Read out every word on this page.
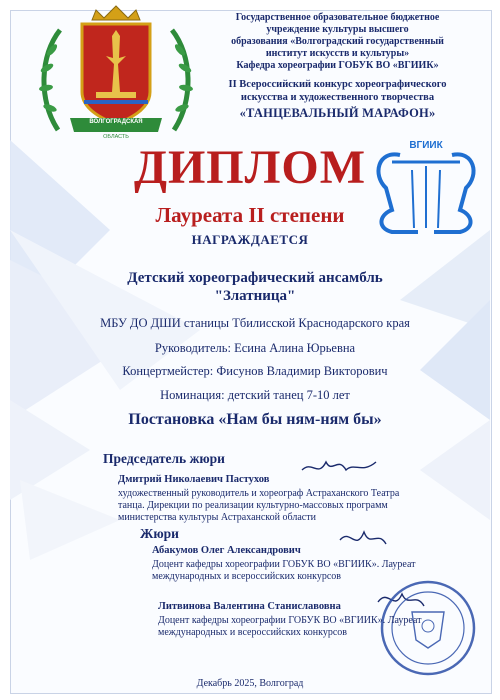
ВОЛГОГРАДСКАЯ
ОБЛАСТЬ
ВГИИК
Государственное образовательное бюджетное
учреждение культуры высшего
образования «Волгоградский государственный
институт искусств и культуры»
Кафедра хореографии ГОБУК ВО «ВГИИК»
II Всероссийский конкурс хореографического
искусства и художественного творчества
«ТАНЦЕВАЛЬНЫЙ МАРАФОН»
ДИПЛОМ
Лауреата II степени
НАГРАЖДАЕТСЯ
Детский хореографический ансамбль
"Златница"
МБУ ДО ДШИ станицы Тбилисской Краснодарского края
Руководитель: Есина Алина Юрьевна
Концертмейстер: Фисунов Владимир Викторович
Номинация: детский танец 7-10 лет
Постановка «Нам бы ням-ням бы»
Председатель жюри
Дмитрий Николаевич Пастухов
художественный руководитель и хореограф Астраханского Театра
танца. Дирекции по реализации культурно-массовых программ
министерства культуры Астраханской области
Жюри
Абакумов Олег Александрович
Доцент кафедры хореографии ГОБУК ВО «ВГИИК». Лауреат
международных и всероссийских конкурсов
Литвинова Валентина Станиславовна
Доцент кафедры хореографии ГОБУК ВО «ВГИИК». Лауреат
международных и всероссийских конкурсов
Декабрь 2025, Волгоград
